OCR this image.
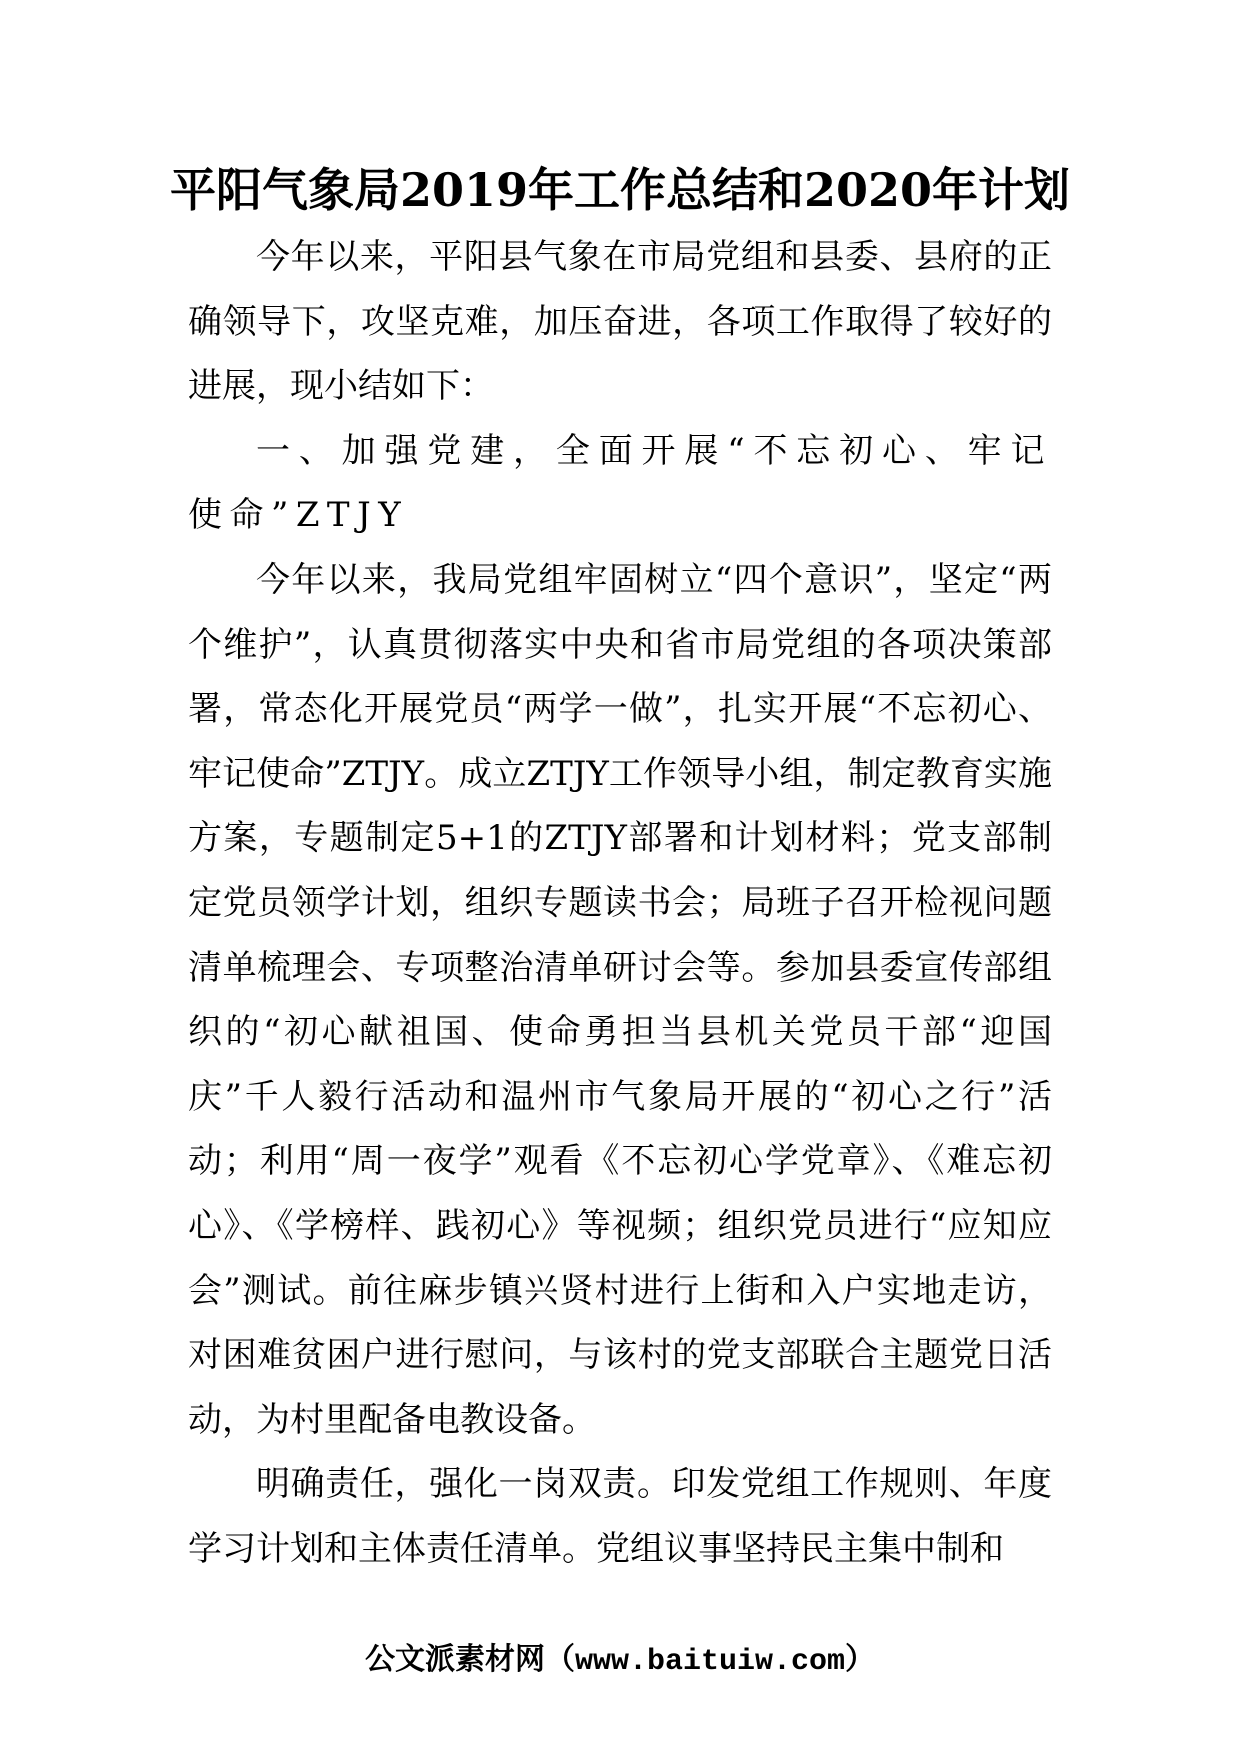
平阳气象局2019年工作总结和2020年计划

今年以来，平阳县气象在市局党组和县委、县府的正确领导下，攻坚克难，加压奋进，各项工作取得了较好的进展，现小结如下：

一、加强党建，全面开展“不忘初心、牢记使命”ZTJY

今年以来，我局党组牢固树立“四个意识”，坚定“两个维护”，认真贯彻落实中央和省市局党组的各项决策部署，常态化开展党员“两学一做”，扎实开展“不忘初心、牢记使命”ZTJY。成立ZTJY工作领导小组，制定教育实施方案，专题制定5+1的ZTJY部署和计划材料；党支部制定党员领学计划，组织专题读书会；局班子召开检视问题清单梳理会、专项整治清单研讨会等。参加县委宣传部组织的“初心献祖国、使命勇担当县机关党员干部“迎国庆”千人毅行活动和温州市气象局开展的“初心之行”活动；利用“周一夜学”观看《不忘初心学党章》、《难忘初心》、《学榜样、践初心》等视频；组织党员进行“应知应会”测试。前往麻步镇兴贤村进行上街和入户实地走访，对困难贫困户进行慰问，与该村的党支部联合主题党日活动，为村里配备电教设备。

明确责任，强化一岗双责。印发党组工作规则、年度学习计划和主体责任清单。党组议事坚持民主集中制和

公文派素材网（www.baituiw.com）
